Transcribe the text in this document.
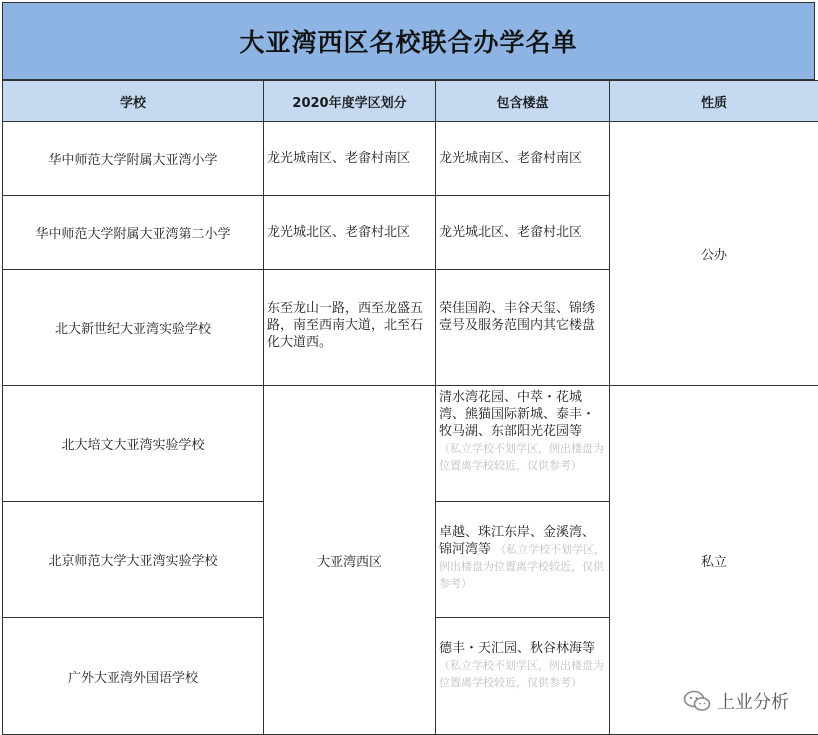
大亚湾西区名校联合办学名单
学校	2020年度学区划分	包含楼盘	性质
华中师范大学附属大亚湾小学	龙光城南区、老畲村南区	龙光城南区、老畲村南区	公办
华中师范大学附属大亚湾第二小学	龙光城北区、老畲村北区	龙光城北区、老畲村北区	
北大新世纪大亚湾实验学校	东至龙山一路，西至龙盛五路，南至西南大道，北至石化大道西。	荣佳国韵、丰谷天玺、锦绣壹号及服务范围内其它楼盘	
北大培文大亚湾实验学校	大亚湾西区	清水湾花园、中萃・花城湾、熊猫国际新城、泰丰・牧马湖、东部阳光花园等 （私立学校不划学区，例出楼盘为位置离学校较近，仅供参考）	私立
北京师范大学大亚湾实验学校		卓越、珠江东岸、金溪湾、锦河湾等 （私立学校不划学区，例出楼盘为位置离学校较近，仅供参考）	
广外大亚湾外国语学校		德丰・天汇园、秋谷林海等 （私立学校不划学区，例出楼盘为位置离学校较近，仅供参考）	
上业分析
